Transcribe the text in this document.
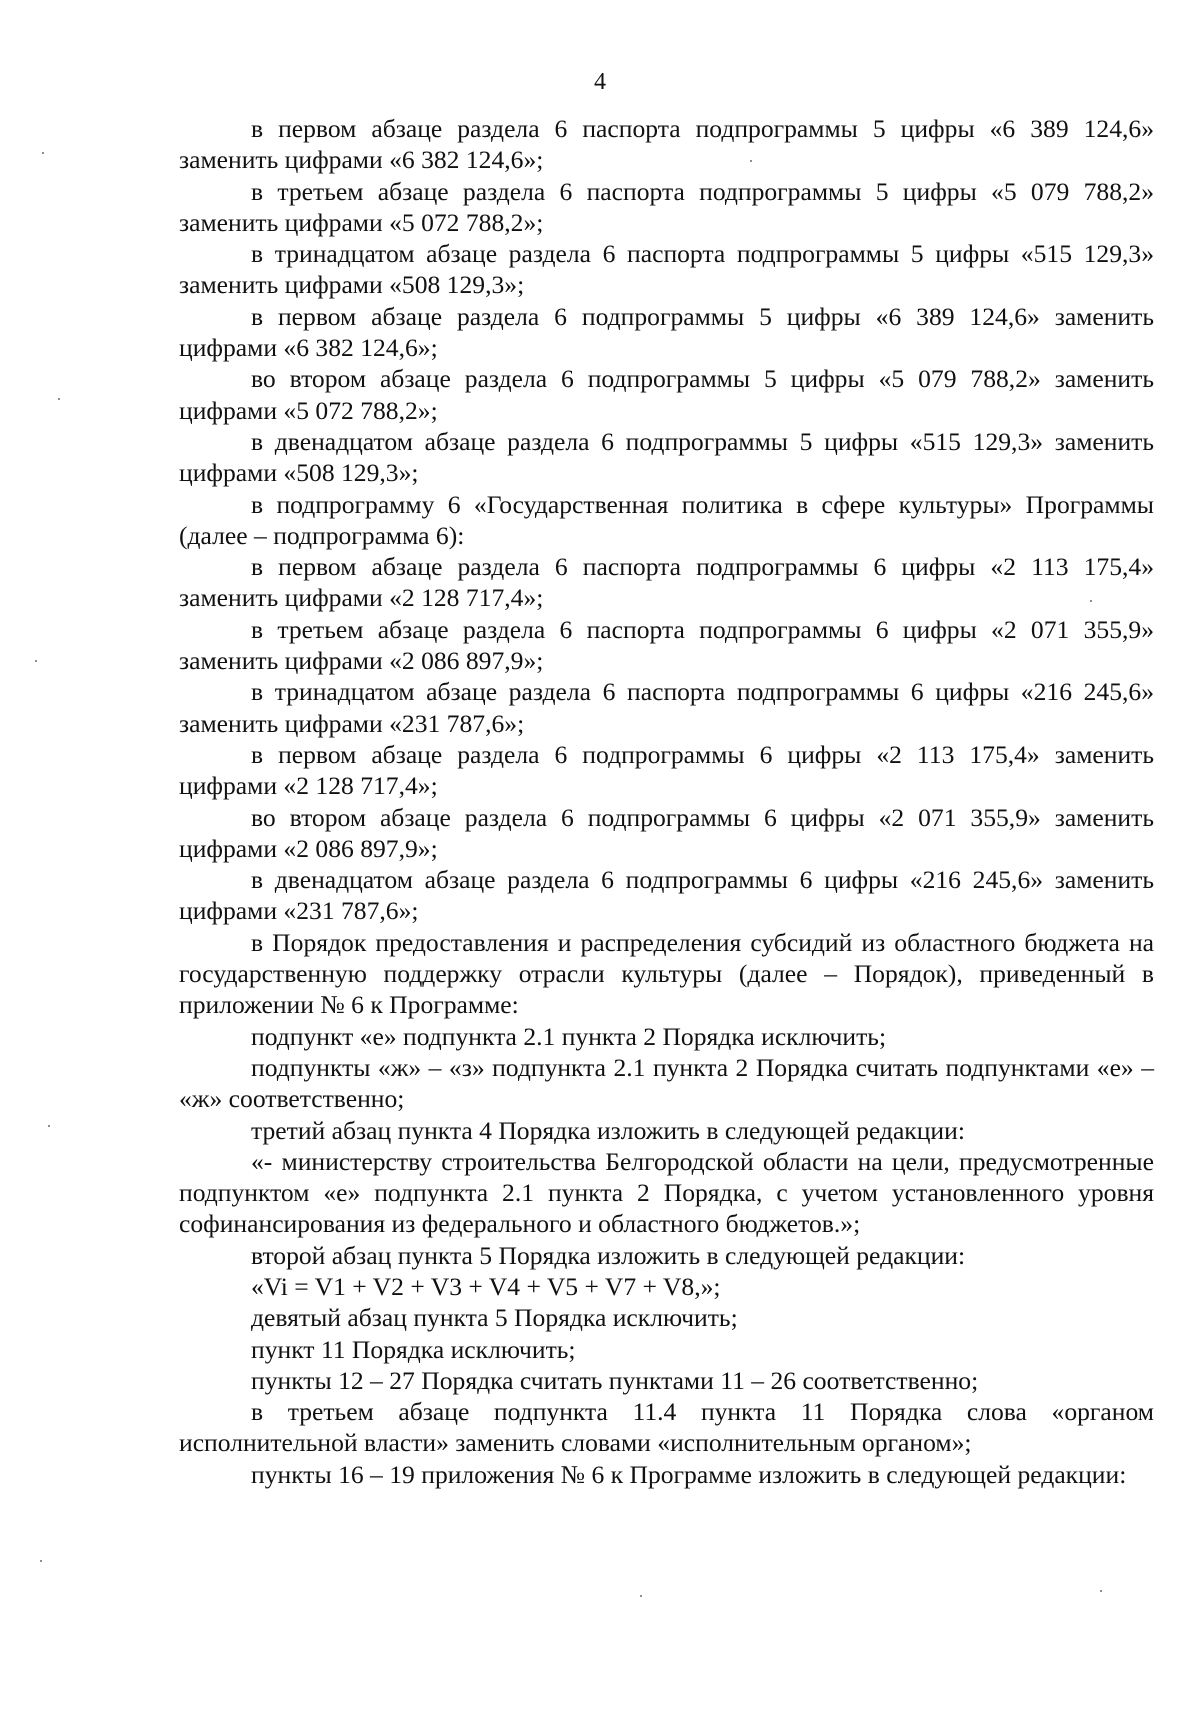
4

в первом абзаце раздела 6 паспорта подпрограммы 5 цифры «6 389 124,6» заменить цифрами «6 382 124,6»;

в третьем абзаце раздела 6 паспорта подпрограммы 5 цифры «5 079 788,2» заменить цифрами «5 072 788,2»;

в тринадцатом абзаце раздела 6 паспорта подпрограммы 5 цифры «515 129,3» заменить цифрами «508 129,3»;

в первом абзаце раздела 6 подпрограммы 5 цифры «6 389 124,6» заменить цифрами «6 382 124,6»;

во втором абзаце раздела 6 подпрограммы 5 цифры «5 079 788,2» заменить цифрами «5 072 788,2»;

в двенадцатом абзаце раздела 6 подпрограммы 5 цифры «515 129,3» заменить цифрами «508 129,3»;

в подпрограмму 6 «Государственная политика в сфере культуры» Программы (далее – подпрограмма 6):

в первом абзаце раздела 6 паспорта подпрограммы 6 цифры «2 113 175,4» заменить цифрами «2 128 717,4»;

в третьем абзаце раздела 6 паспорта подпрограммы 6 цифры «2 071 355,9» заменить цифрами «2 086 897,9»;

в тринадцатом абзаце раздела 6 паспорта подпрограммы 6 цифры «216 245,6» заменить цифрами «231 787,6»;

в первом абзаце раздела 6 подпрограммы 6 цифры «2 113 175,4» заменить цифрами «2 128 717,4»;

во втором абзаце раздела 6 подпрограммы 6 цифры «2 071 355,9» заменить цифрами «2 086 897,9»;

в двенадцатом абзаце раздела 6 подпрограммы 6 цифры «216 245,6» заменить цифрами «231 787,6»;

в Порядок предоставления и распределения субсидий из областного бюджета на государственную поддержку отрасли культуры (далее – Порядок), приведенный в приложении № 6 к Программе:

подпункт «е» подпункта 2.1 пункта 2 Порядка исключить;

подпункты «ж» – «з» подпункта 2.1 пункта 2 Порядка считать подпунктами «е» – «ж» соответственно;

третий абзац пункта 4 Порядка изложить в следующей редакции:

«- министерству строительства Белгородской области на цели, предусмотренные подпунктом «е» подпункта 2.1 пункта 2 Порядка, с учетом установленного уровня софинансирования из федерального и областного бюджетов.»;

второй абзац пункта 5 Порядка изложить в следующей редакции:

«Vi = V1 + V2 + V3 + V4 + V5 + V7 + V8,»;

девятый абзац пункта 5 Порядка исключить;

пункт 11 Порядка исключить;

пункты 12 – 27 Порядка считать пунктами 11 – 26 соответственно;

в третьем абзаце подпункта 11.4 пункта 11 Порядка слова «органом исполнительной власти» заменить словами «исполнительным органом»;

пункты 16 – 19 приложения № 6 к Программе изложить в следующей редакции:
